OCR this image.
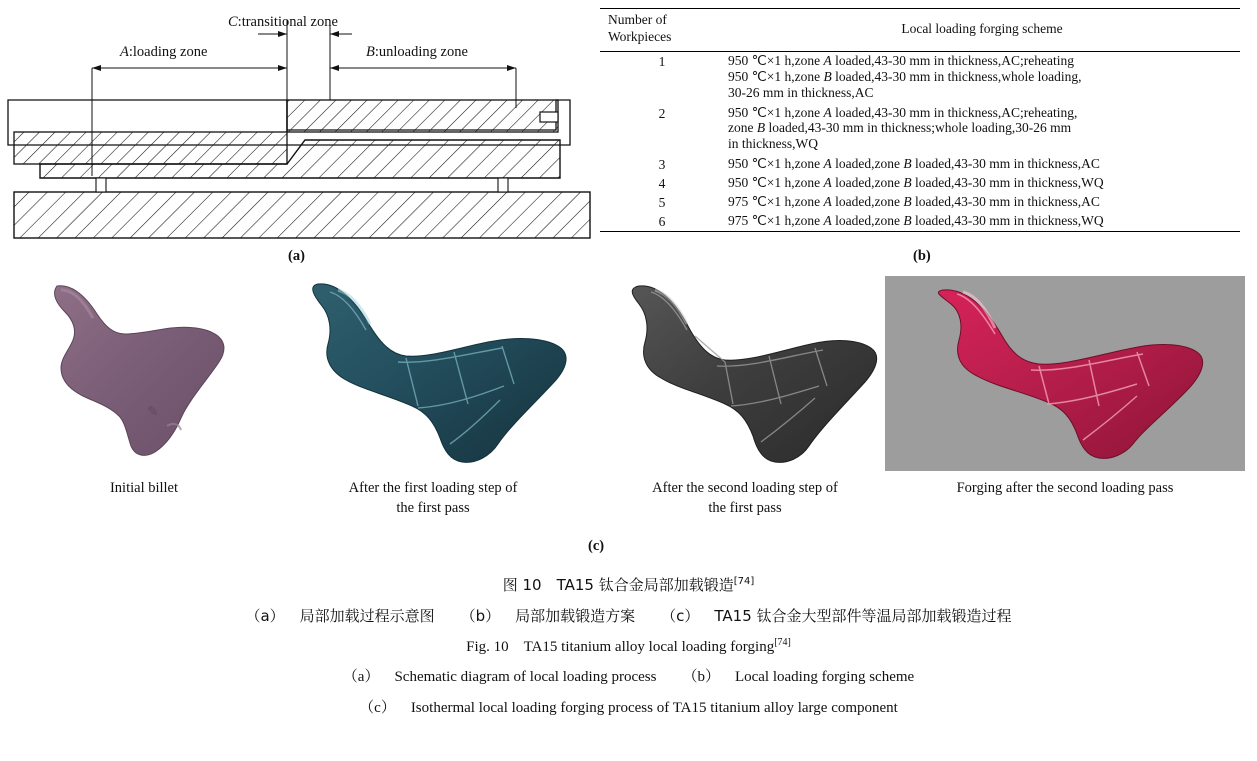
C:transitional zone
A:loading zone	B:unloading zone
(a)
Number of
Workpieces	Local loading forging scheme
1	950 ℃×1 h,zone A loaded,43-30 mm in thickness,AC;reheating
950 ℃×1 h,zone B loaded,43-30 mm in thickness,whole loading,
30-26 mm in thickness,AC

2	950 ℃×1 h,zone A loaded,43-30 mm in thickness,AC;reheating,
zone B loaded,43-30 mm in thickness;whole loading,30-26 mm
in thickness,WQ

3	950 ℃×1 h,zone A loaded,zone B loaded,43-30 mm in thickness,AC
4	950 ℃×1 h,zone A loaded,zone B loaded,43-30 mm in thickness,WQ
5	975 ℃×1 h,zone A loaded,zone B loaded,43-30 mm in thickness,AC
6	975 ℃×1 h,zone A loaded,zone B loaded,43-30 mm in thickness,WQ
(b)
✎
Initial billet	After the first loading step of
the first pass
After the second loading step of
the first pass
Forging after the second loading pass
(c)
图 10 TA15 钛合金局部加载锻造[74]
（a） 局部加载过程示意图 （b） 局部加载锻造方案 （c） TA15 钛合金大型部件等温局部加载锻造过程
Fig. 10 TA15 titanium alloy local loading forging[74]
（a） Schematic diagram of local loading process （b） Local loading forging scheme
（c） Isothermal local loading forging process of TA15 titanium alloy large component
